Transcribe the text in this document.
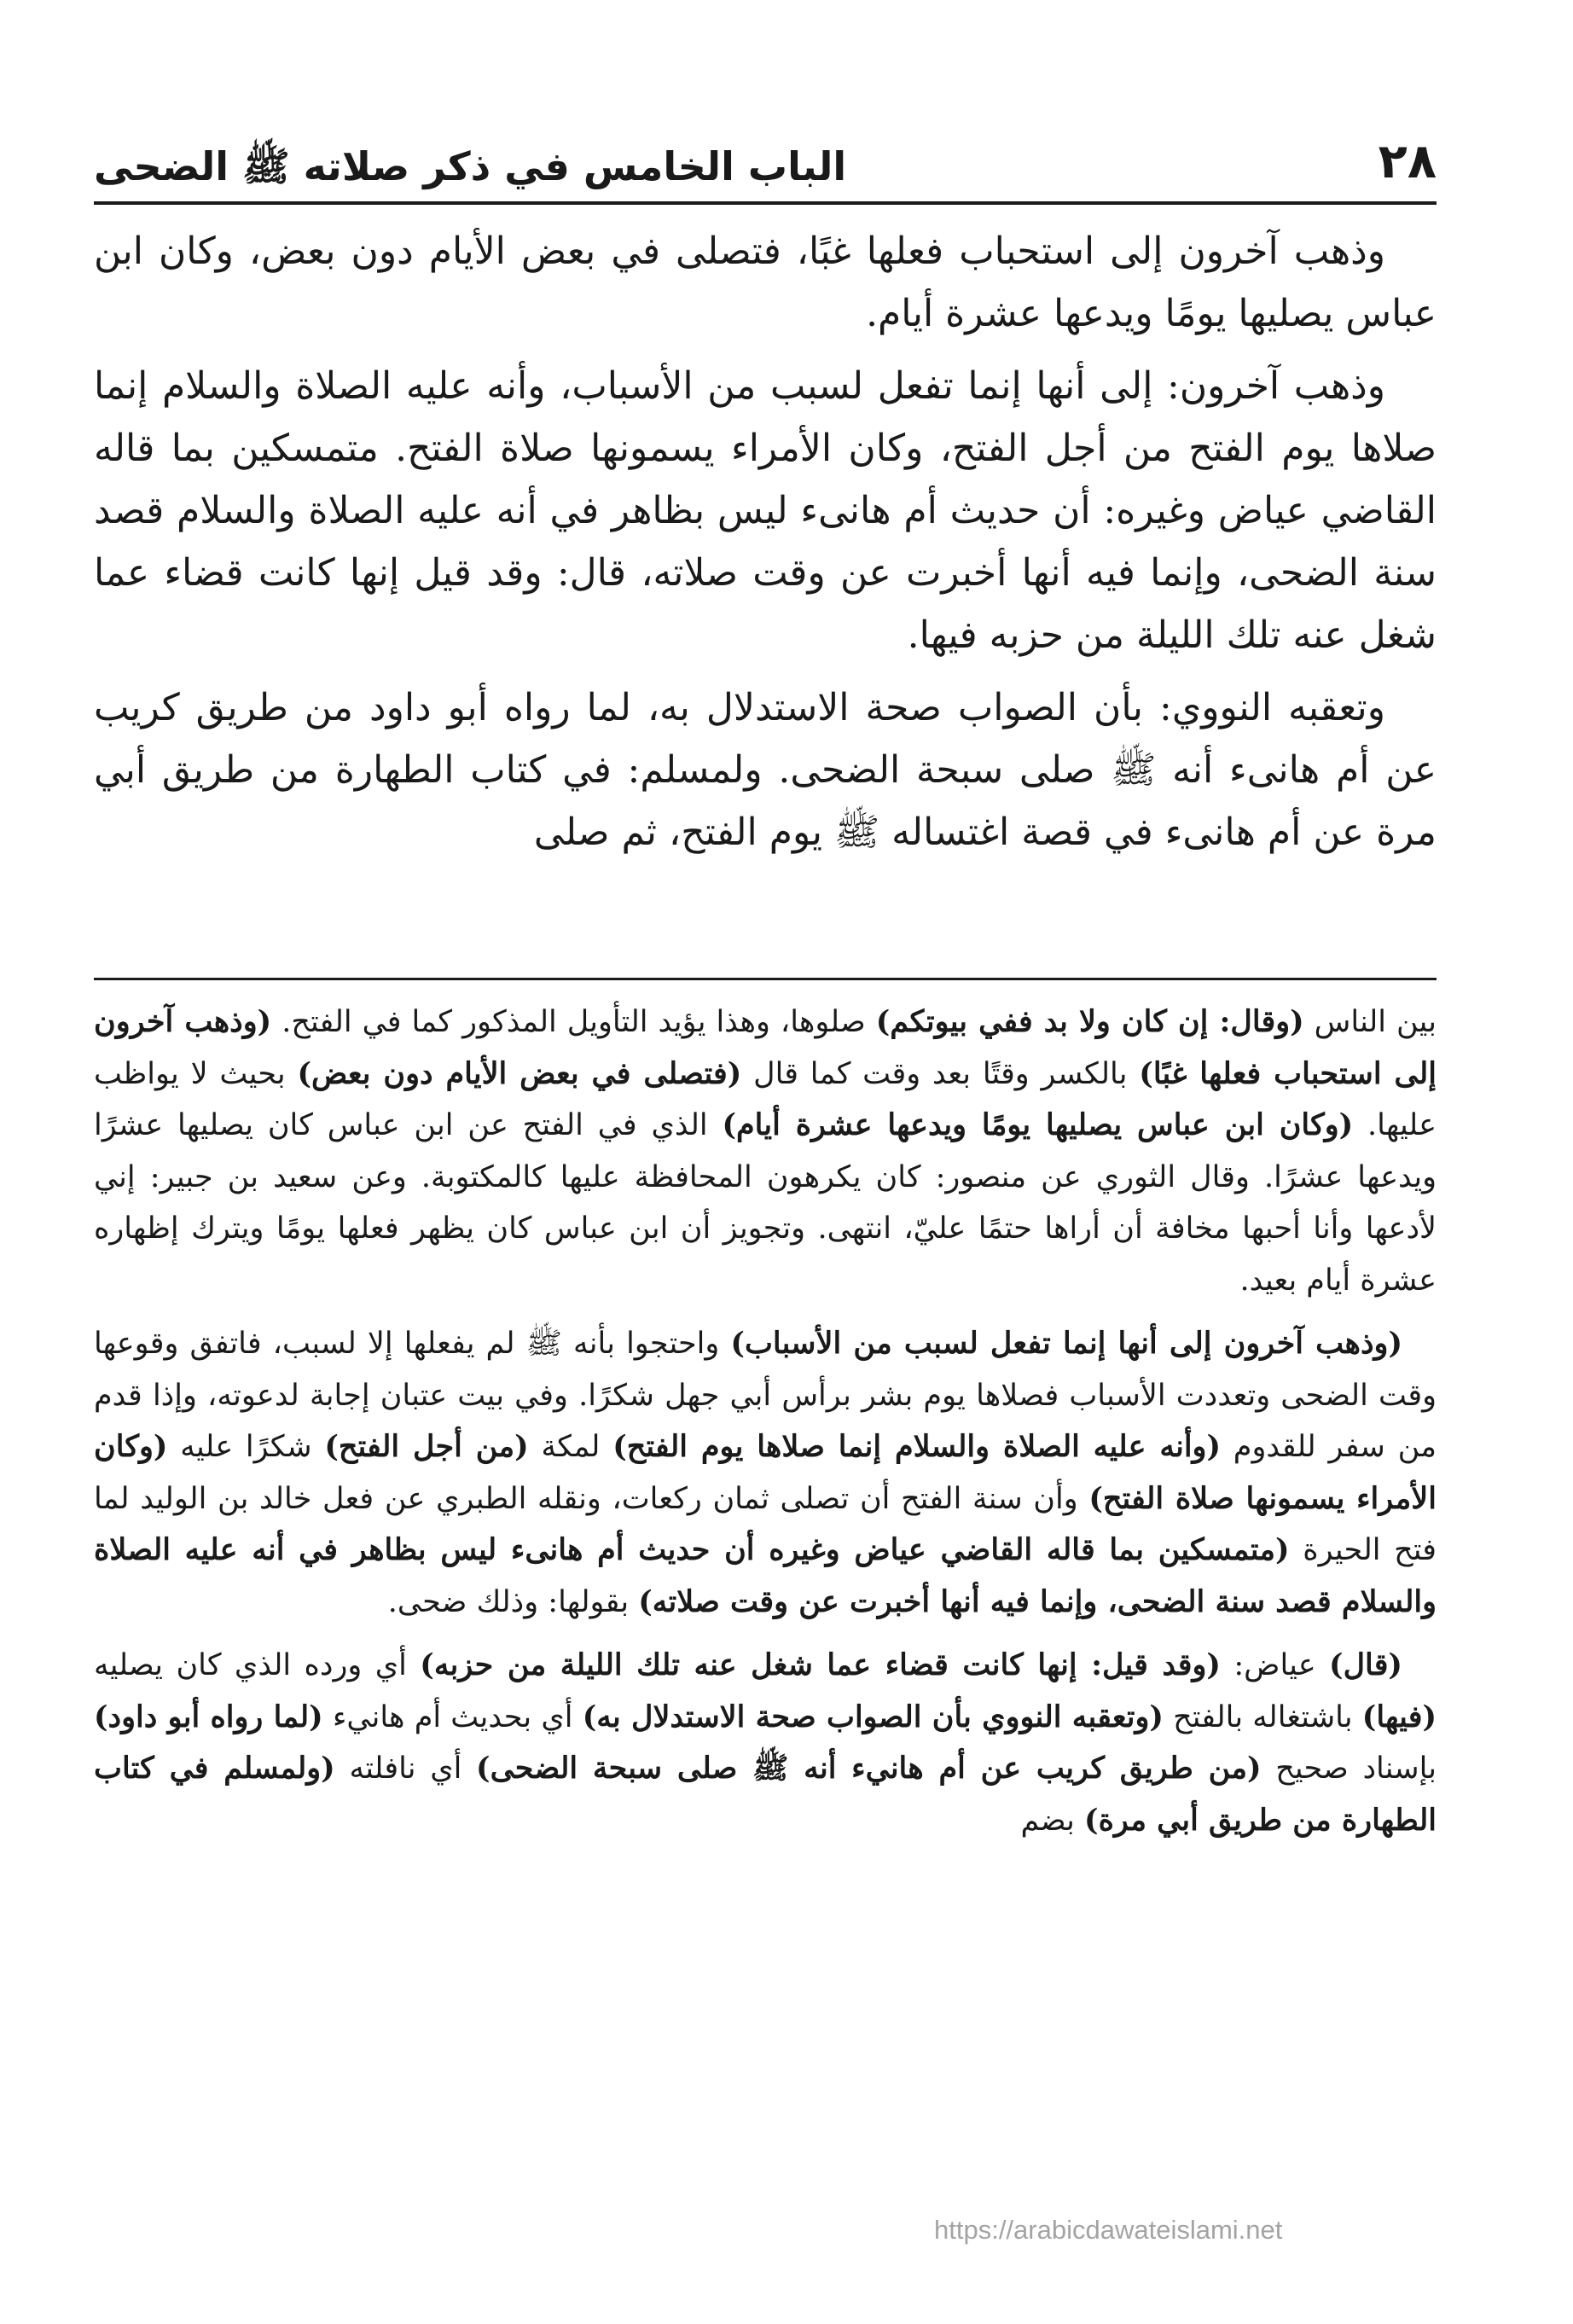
٢٨
الباب الخامس في ذكر صلاته ﷺ الضحى

وذهب آخرون إلى استحباب فعلها غبًا، فتصلى في بعض الأيام دون بعض، وكان ابن عباس يصليها يومًا ويدعها عشرة أيام.

وذهب آخرون: إلى أنها إنما تفعل لسبب من الأسباب، وأنه عليه الصلاة والسلام إنما صلاها يوم الفتح من أجل الفتح، وكان الأمراء يسمونها صلاة الفتح. متمسكين بما قاله القاضي عياض وغيره: أن حديث أم هانىء ليس بظاهر في أنه عليه الصلاة والسلام قصد سنة الضحى، وإنما فيه أنها أخبرت عن وقت صلاته، قال: وقد قيل إنها كانت قضاء عما شغل عنه تلك الليلة من حزبه فيها.

وتعقبه النووي: بأن الصواب صحة الاستدلال به، لما رواه أبو داود من طريق كريب عن أم هانىء أنه ﷺ صلى سبحة الضحى. ولمسلم: في كتاب الطهارة من طريق أبي مرة عن أم هانىء في قصة اغتساله ﷺ يوم الفتح، ثم صلى

بين الناس (وقال: إن كان ولا بد ففي بيوتكم) صلوها، وهذا يؤيد التأويل المذكور كما في الفتح. (وذهب آخرون إلى استحباب فعلها غبًا) بالكسر وقتًا بعد وقت كما قال (فتصلى في بعض الأيام دون بعض) بحيث لا يواظب عليها. (وكان ابن عباس يصليها يومًا ويدعها عشرة أيام) الذي في الفتح عن ابن عباس كان يصليها عشرًا ويدعها عشرًا. وقال الثوري عن منصور: كان يكرهون المحافظة عليها كالمكتوبة. وعن سعيد بن جبير: إني لأدعها وأنا أحبها مخافة أن أراها حتمًا عليّ، انتهى. وتجويز أن ابن عباس كان يظهر فعلها يومًا ويترك إظهاره عشرة أيام بعيد.

(وذهب آخرون إلى أنها إنما تفعل لسبب من الأسباب) واحتجوا بأنه ﷺ لم يفعلها إلا لسبب، فاتفق وقوعها وقت الضحى وتعددت الأسباب فصلاها يوم بشر برأس أبي جهل شكرًا. وفي بيت عتبان إجابة لدعوته، وإذا قدم من سفر للقدوم (وأنه عليه الصلاة والسلام إنما صلاها يوم الفتح) لمكة (من أجل الفتح) شكرًا عليه (وكان الأمراء يسمونها صلاة الفتح) وأن سنة الفتح أن تصلى ثمان ركعات، ونقله الطبري عن فعل خالد بن الوليد لما فتح الحيرة (متمسكين بما قاله القاضي عياض وغيره أن حديث أم هانىء ليس بظاهر في أنه عليه الصلاة والسلام قصد سنة الضحى، وإنما فيه أنها أخبرت عن وقت صلاته) بقولها: وذلك ضحى.

(قال) عياض: (وقد قيل: إنها كانت قضاء عما شغل عنه تلك الليلة من حزبه) أي ورده الذي كان يصليه (فيها) باشتغاله بالفتح (وتعقبه النووي بأن الصواب صحة الاستدلال به) أي بحديث أم هانيء (لما رواه أبو داود) بإسناد صحيح (من طريق كريب عن أم هانيء أنه ﷺ صلى سبحة الضحى) أي نافلته (ولمسلم في كتاب الطهارة من طريق أبي مرة) بضم

https://arabicdawateislami.net
